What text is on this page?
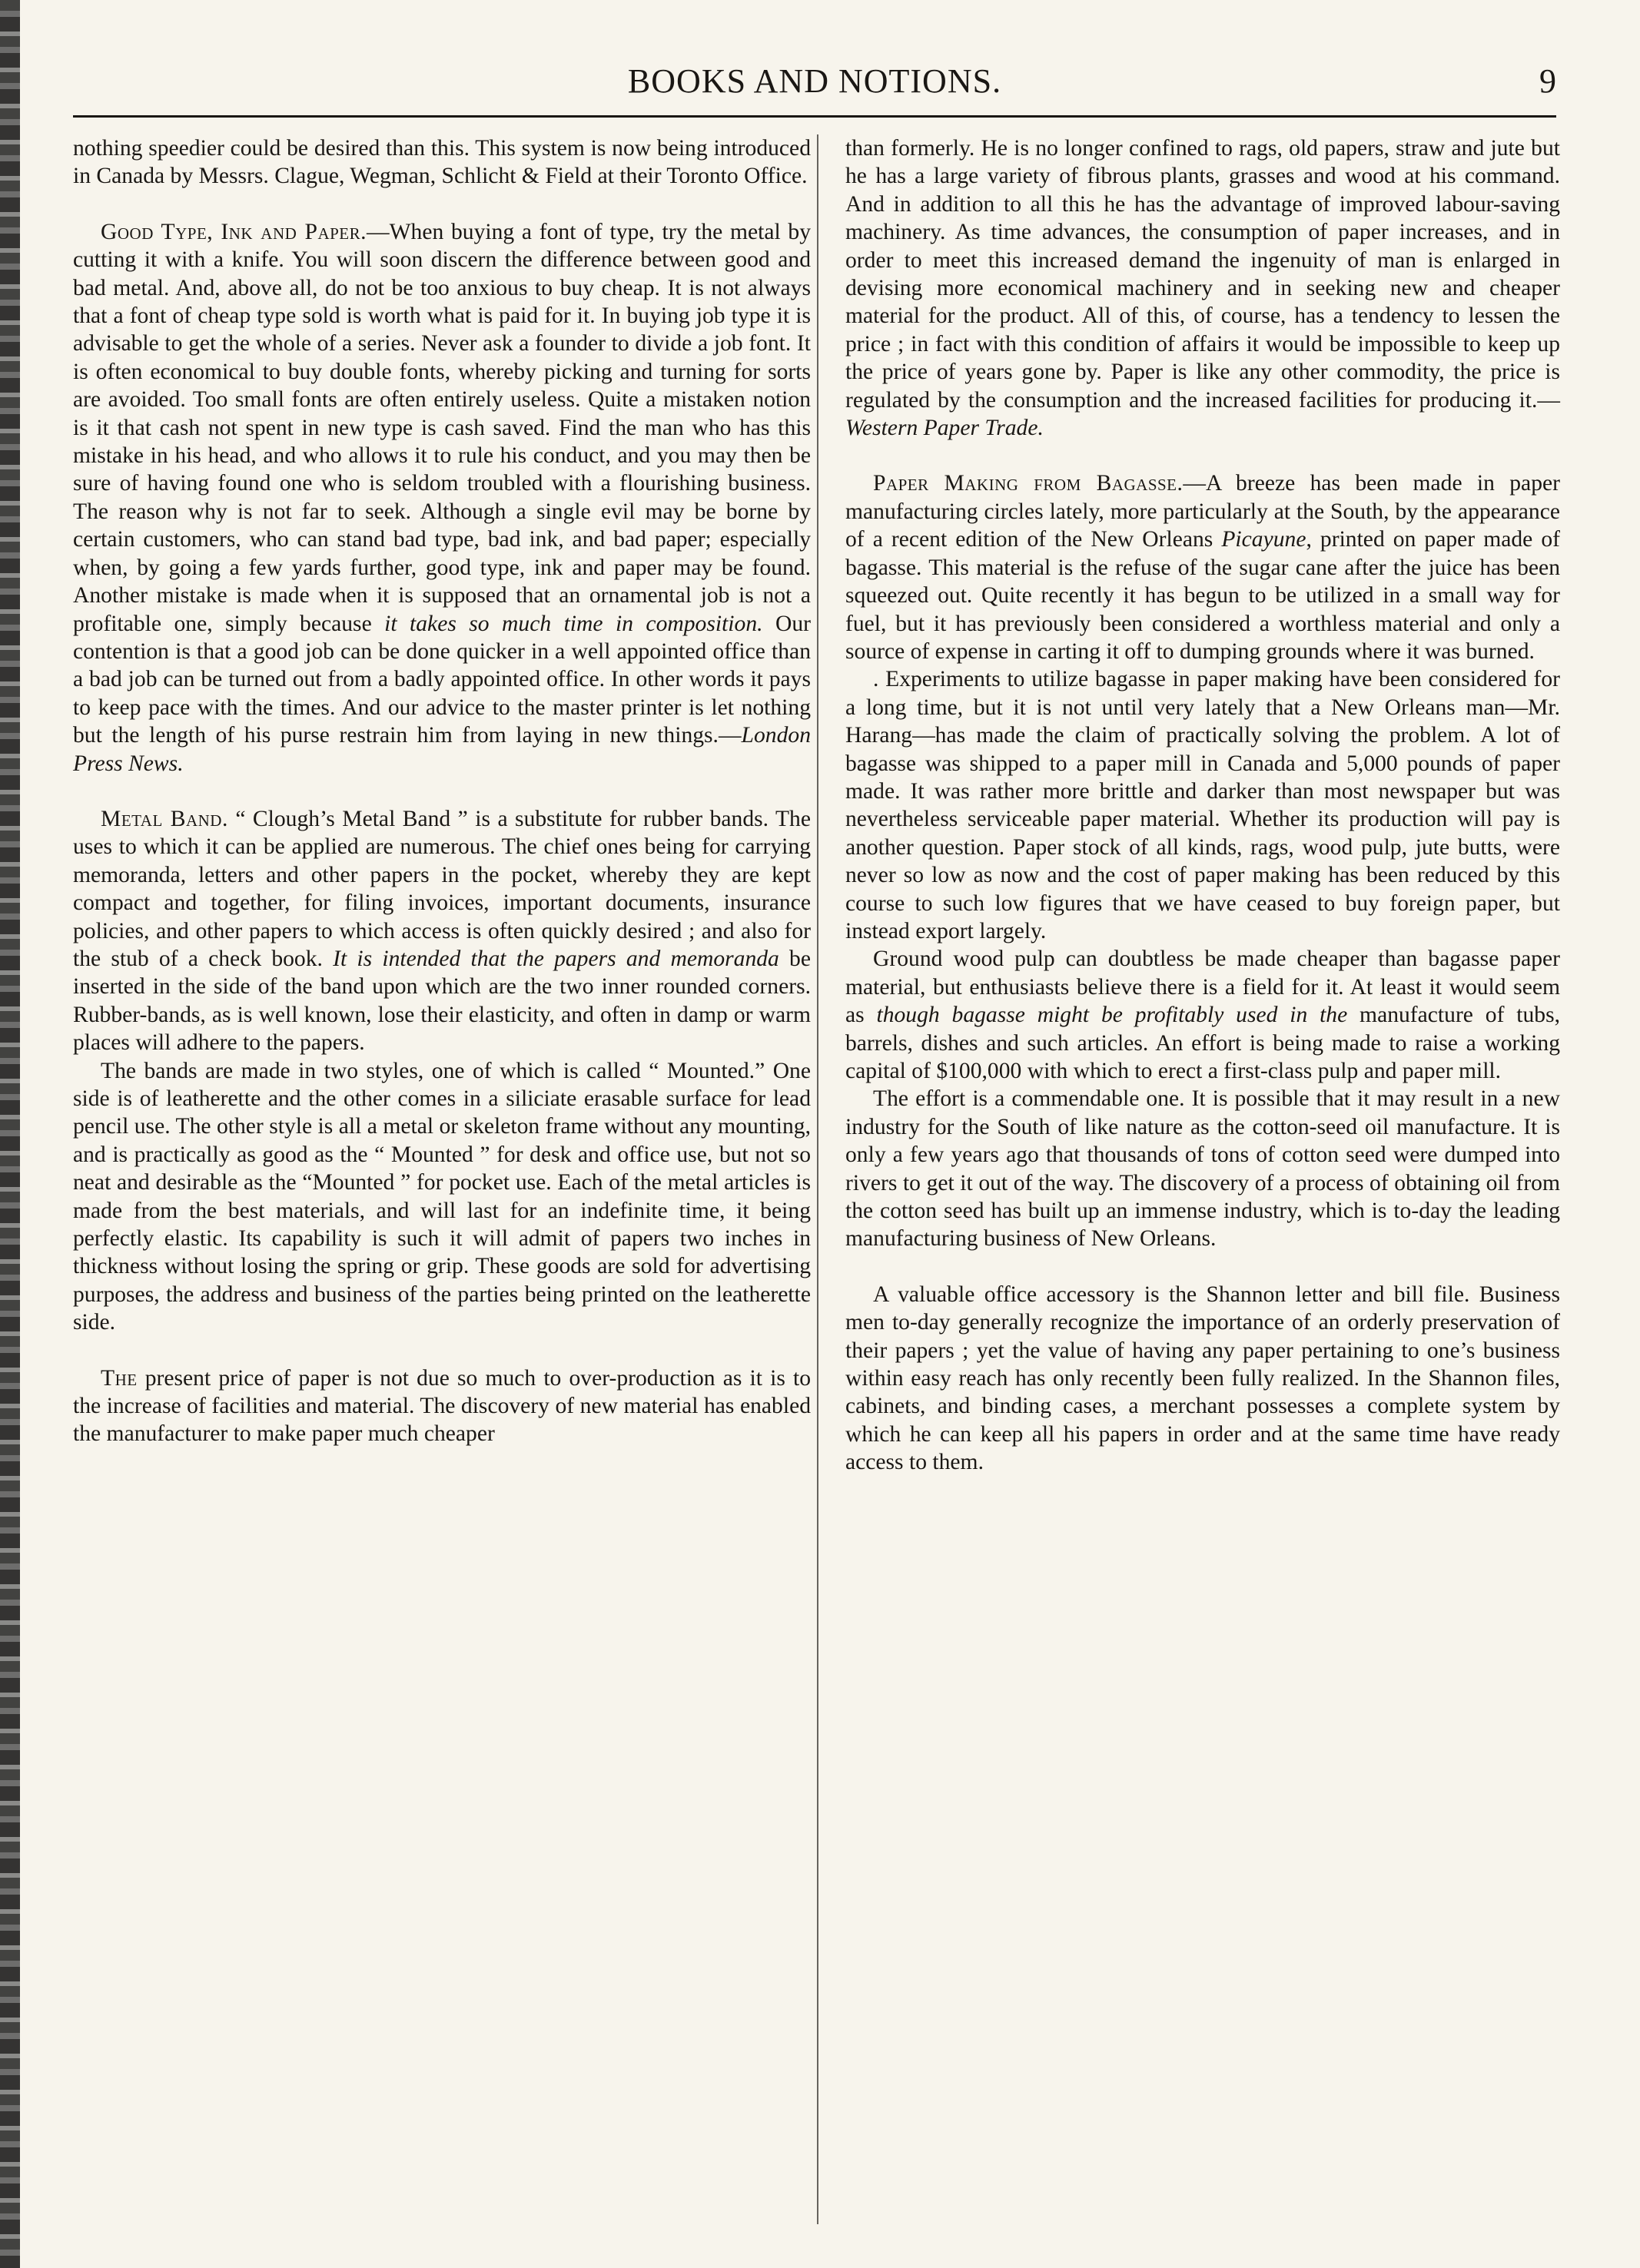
BOOKS AND NOTIONS.	9

nothing speedier could be desired than this. This system is now being introduced in Canada by Messrs. Clague, Wegman, Schlicht & Field at their Toronto Office.

Good Type, Ink and Paper.—When buying a font of type, try the metal by cutting it with a knife. You will soon discern the difference between good and bad metal. And, above all, do not be too anxious to buy cheap. It is not always that a font of cheap type sold is worth what is paid for it. In buying job type it is advisable to get the whole of a series. Never ask a founder to divide a job font. It is often economical to buy double fonts, whereby picking and turning for sorts are avoided. Too small fonts are often entirely useless. Quite a mistaken notion is it that cash not spent in new type is cash saved. Find the man who has this mistake in his head, and who allows it to rule his conduct, and you may then be sure of having found one who is seldom troubled with a flourishing business. The reason why is not far to seek. Although a single evil may be borne by certain customers, who can stand bad type, bad ink, and bad paper; especially when, by going a few yards further, good type, ink and paper may be found. Another mistake is made when it is supposed that an ornamental job is not a profitable one, simply because it takes so much time in composition. Our contention is that a good job can be done quicker in a well appointed office than a bad job can be turned out from a badly appointed office. In other words it pays to keep pace with the times. And our advice to the master printer is let nothing but the length of his purse restrain him from laying in new things.—London Press News.

Metal Band. “ Clough’s Metal Band ” is a substitute for rubber bands. The uses to which it can be applied are numerous. The chief ones being for carrying memoranda, letters and other papers in the pocket, whereby they are kept compact and together, for filing invoices, important documents, insurance policies, and other papers to which access is often quickly desired ; and also for the stub of a check book. It is intended that the papers and memoranda be inserted in the side of the band upon which are the two inner rounded corners. Rubber-bands, as is well known, lose their elasticity, and often in damp or warm places will adhere to the papers.

The bands are made in two styles, one of which is called “ Mounted.” One side is of leatherette and the other comes in a siliciate erasable surface for lead pencil use. The other style is all a metal or skeleton frame without any mounting, and is practically as good as the “ Mounted ” for desk and office use, but not so neat and desirable as the “Mounted ” for pocket use. Each of the metal articles is made from the best materials, and will last for an indefinite time, it being perfectly elastic. Its capability is such it will admit of papers two inches in thickness without losing the spring or grip. These goods are sold for advertising purposes, the address and business of the parties being printed on the leatherette side.

The present price of paper is not due so much to over-production as it is to the increase of facilities and material. The discovery of new material has enabled the manufacturer to make paper much cheaper

than formerly. He is no longer confined to rags, old papers, straw and jute but he has a large variety of fibrous plants, grasses and wood at his command. And in addition to all this he has the advantage of improved labour-saving machinery. As time advances, the consumption of paper increases, and in order to meet this increased demand the ingenuity of man is enlarged in devising more economical machinery and in seeking new and cheaper material for the product. All of this, of course, has a tendency to lessen the price ; in fact with this condition of affairs it would be impossible to keep up the price of years gone by. Paper is like any other commodity, the price is regulated by the consumption and the increased facilities for producing it.— Western Paper Trade.

Paper Making from Bagasse.—A breeze has been made in paper manufacturing circles lately, more particularly at the South, by the appearance of a recent edition of the New Orleans Picayune, printed on paper made of bagasse. This material is the refuse of the sugar cane after the juice has been squeezed out. Quite recently it has begun to be utilized in a small way for fuel, but it has previously been considered a worthless material and only a source of expense in carting it off to dumping grounds where it was burned.

. Experiments to utilize bagasse in paper making have been considered for a long time, but it is not until very lately that a New Orleans man—Mr. Harang—has made the claim of practically solving the problem. A lot of bagasse was shipped to a paper mill in Canada and 5,000 pounds of paper made. It was rather more brittle and darker than most newspaper but was nevertheless serviceable paper material. Whether its production will pay is another question. Paper stock of all kinds, rags, wood pulp, jute butts, were never so low as now and the cost of paper making has been reduced by this course to such low figures that we have ceased to buy foreign paper, but instead export largely.

Ground wood pulp can doubtless be made cheaper than bagasse paper material, but enthusiasts believe there is a field for it. At least it would seem as though bagasse might be profitably used in the manufacture of tubs, barrels, dishes and such articles. An effort is being made to raise a working capital of $100,000 with which to erect a first-class pulp and paper mill.

The effort is a commendable one. It is possible that it may result in a new industry for the South of like nature as the cotton-seed oil manufacture. It is only a few years ago that thousands of tons of cotton seed were dumped into rivers to get it out of the way. The discovery of a process of obtaining oil from the cotton seed has built up an immense industry, which is to-day the leading manufacturing business of New Orleans.

A valuable office accessory is the Shannon letter and bill file. Business men to-day generally recognize the importance of an orderly preservation of their papers ; yet the value of having any paper pertaining to one’s business within easy reach has only recently been fully realized. In the Shannon files, cabinets, and binding cases, a merchant possesses a complete system by which he can keep all his papers in order and at the same time have ready access to them.
